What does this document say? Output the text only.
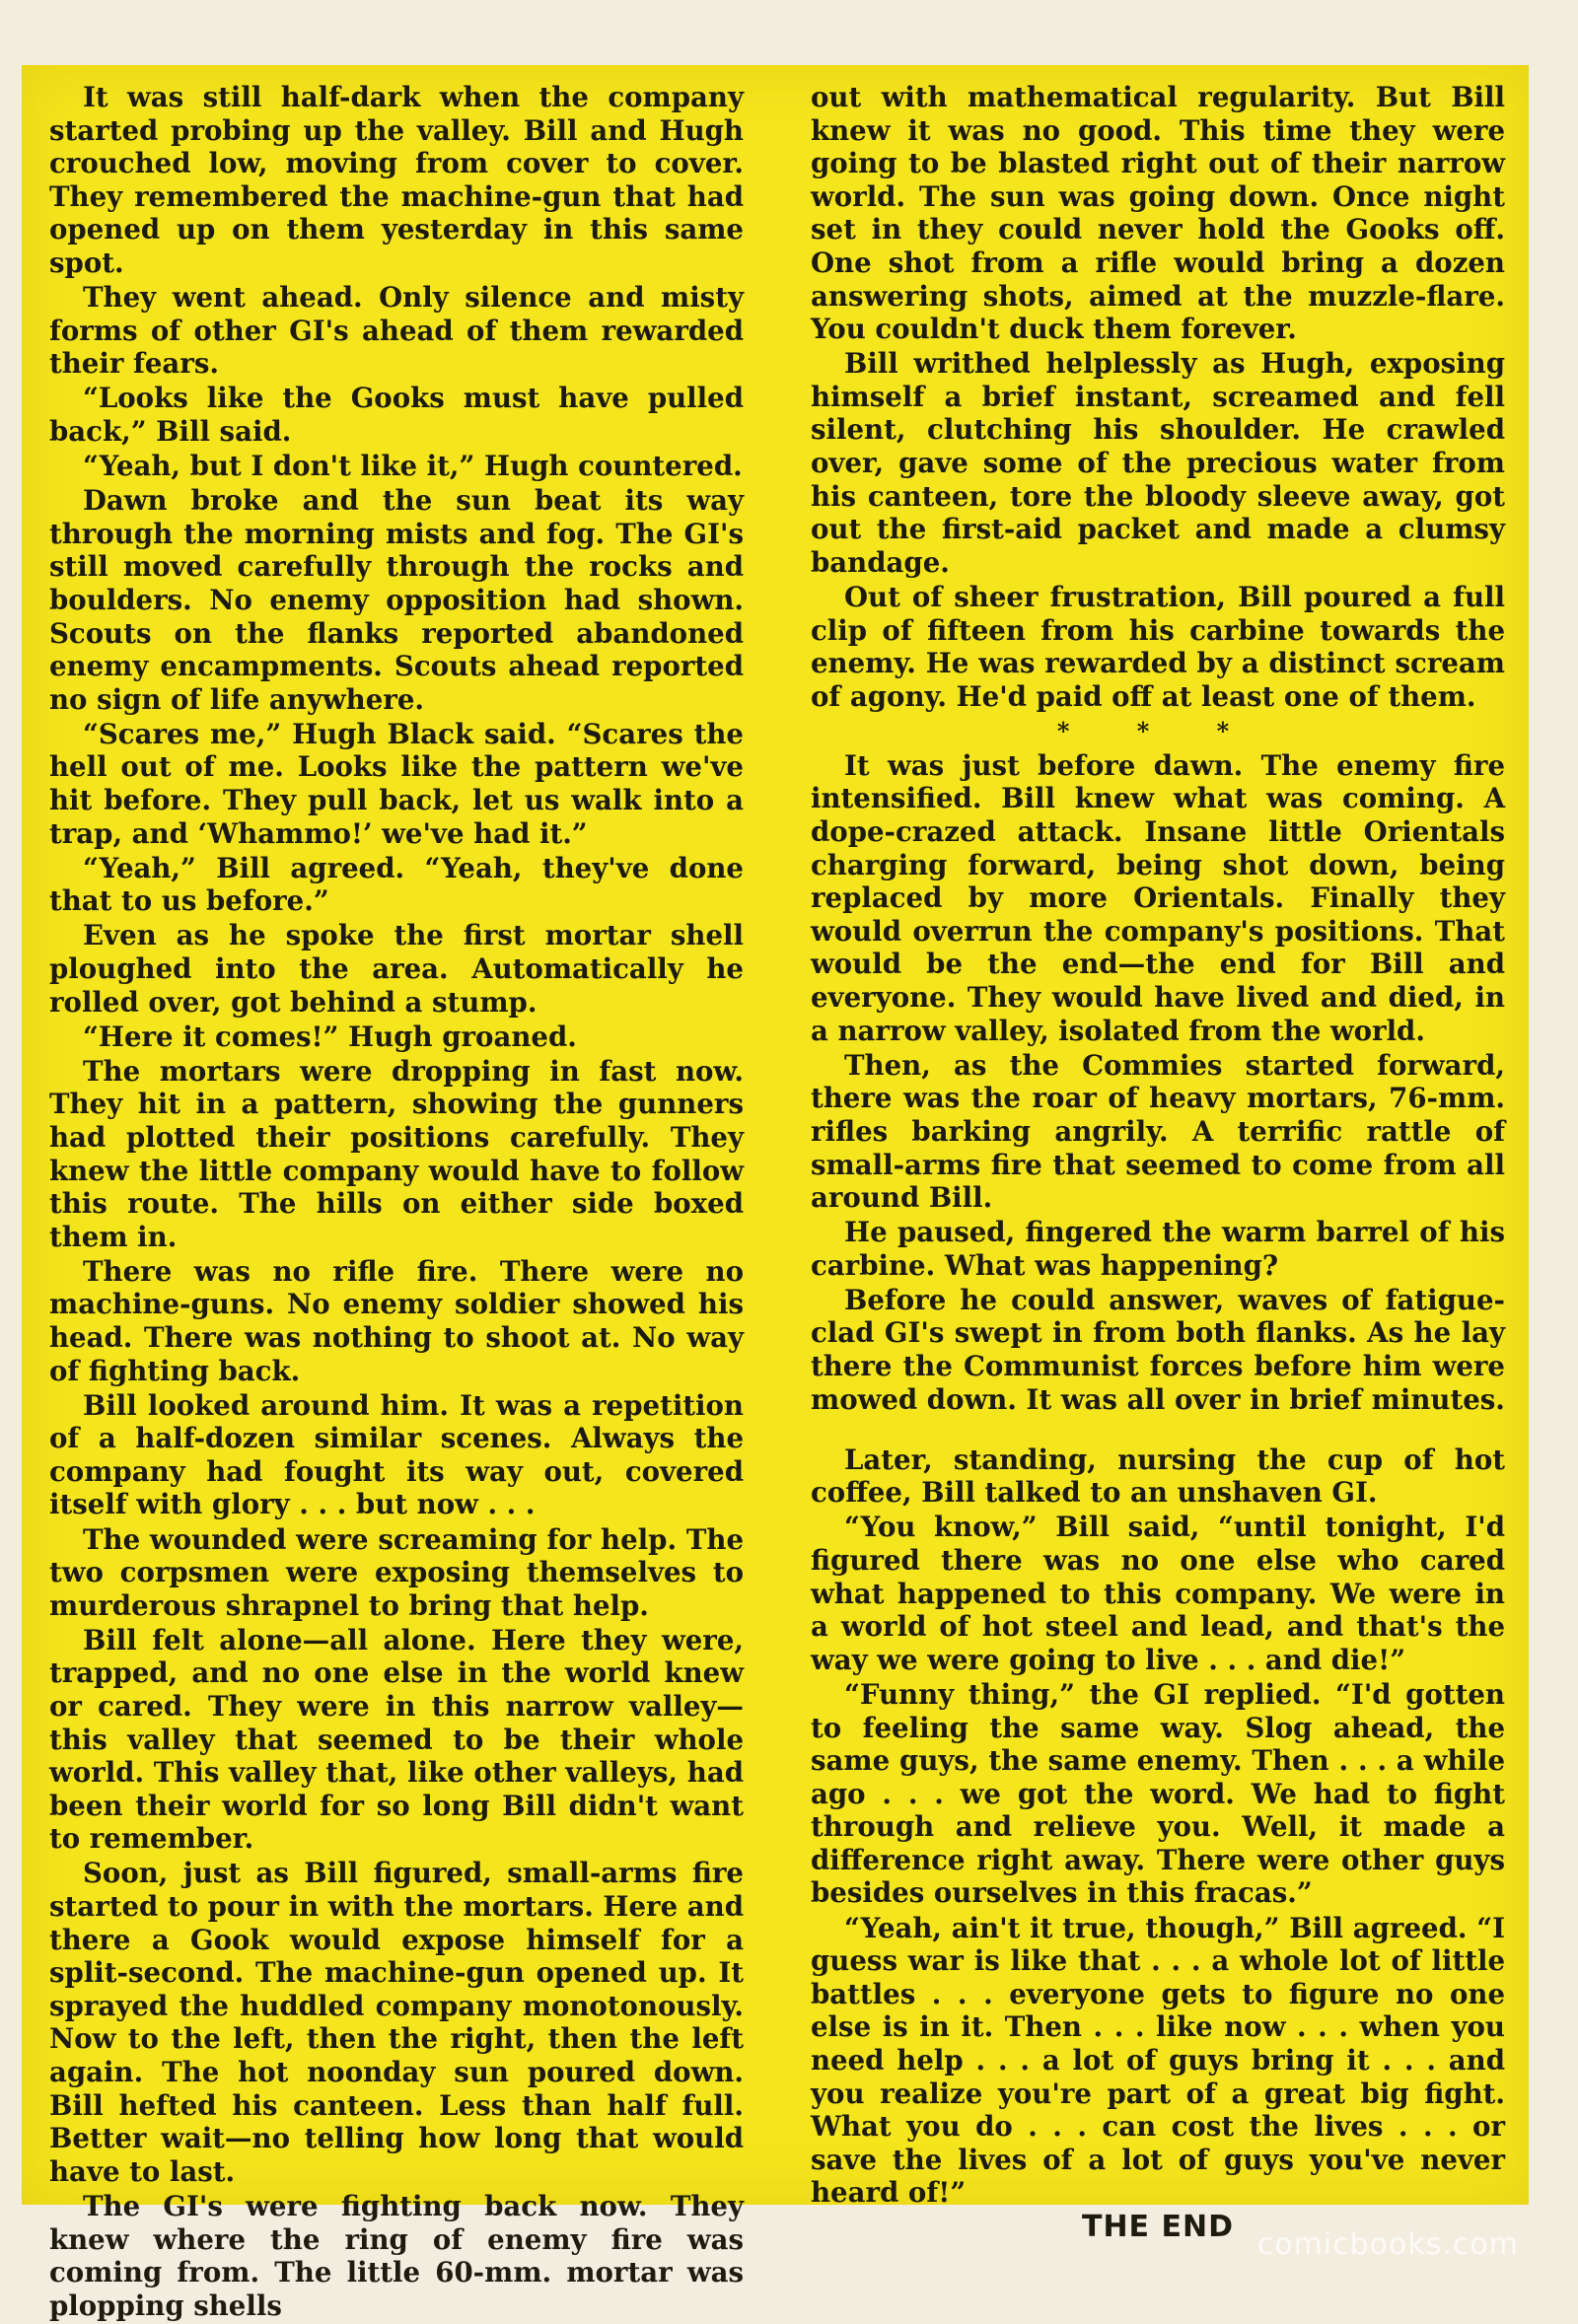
It was still half-dark when the company started probing up the valley. Bill and Hugh crouched low, moving from cover to cover. They remembered the machine-gun that had opened up on them yesterday in this same spot.

They went ahead. Only silence and misty forms of other GI's ahead of them rewarded their fears.

“Looks like the Gooks must have pulled back,” Bill said.

“Yeah, but I don't like it,” Hugh countered.

Dawn broke and the sun beat its way through the morning mists and fog. The GI's still moved carefully through the rocks and boulders. No enemy opposition had shown. Scouts on the flanks reported abandoned enemy encampments. Scouts ahead reported no sign of life anywhere.

“Scares me,” Hugh Black said. “Scares the hell out of me. Looks like the pattern we've hit before. They pull back, let us walk into a trap, and ‘Whammo!’ we've had it.”

“Yeah,” Bill agreed. “Yeah, they've done that to us before.”

Even as he spoke the first mortar shell ploughed into the area. Automatically he rolled over, got behind a stump.

“Here it comes!” Hugh groaned.

The mortars were dropping in fast now. They hit in a pattern, showing the gunners had plotted their positions carefully. They knew the little company would have to follow this route. The hills on either side boxed them in.

There was no rifle fire. There were no machine-guns. No enemy soldier showed his head. There was nothing to shoot at. No way of fighting back.

Bill looked around him. It was a repetition of a half-dozen similar scenes. Always the company had fought its way out, covered itself with glory . . . but now . . .

The wounded were screaming for help. The two corpsmen were exposing themselves to murderous shrapnel to bring that help.

Bill felt alone—all alone. Here they were, trapped, and no one else in the world knew or cared. They were in this narrow valley—this valley that seemed to be their whole world. This valley that, like other valleys, had been their world for so long Bill didn't want to remember.

Soon, just as Bill figured, small-arms fire started to pour in with the mortars. Here and there a Gook would expose himself for a split-second. The machine-gun opened up. It sprayed the huddled company monotonously. Now to the left, then the right, then the left again. The hot noonday sun poured down. Bill hefted his canteen. Less than half full. Better wait—no telling how long that would have to last.

The GI's were fighting back now. They knew where the ring of enemy fire was coming from. The little 60-mm. mortar was plopping shells

out with mathematical regularity. But Bill knew it was no good. This time they were going to be blasted right out of their narrow world. The sun was going down. Once night set in they could never hold the Gooks off. One shot from a rifle would bring a dozen answering shots, aimed at the muzzle-flare. You couldn't duck them forever.

Bill writhed helplessly as Hugh, exposing himself a brief instant, screamed and fell silent, clutching his shoulder. He crawled over, gave some of the precious water from his canteen, tore the bloody sleeve away, got out the first-aid packet and made a clumsy bandage.

Out of sheer frustration, Bill poured a full clip of fifteen from his carbine towards the enemy. He was rewarded by a distinct scream of agony. He'd paid off at least one of them.

* * *

It was just before dawn. The enemy fire intensified. Bill knew what was coming. A dope-crazed attack. Insane little Orientals charging forward, being shot down, being replaced by more Orientals. Finally they would overrun the company's positions. That would be the end—the end for Bill and everyone. They would have lived and died, in a narrow valley, isolated from the world.

Then, as the Commies started forward, there was the roar of heavy mortars, 76-mm. rifles barking angrily. A terrific rattle of small-arms fire that seemed to come from all around Bill.

He paused, fingered the warm barrel of his carbine. What was happening?

Before he could answer, waves of fatigue-clad GI's swept in from both flanks. As he lay there the Communist forces before him were mowed down. It was all over in brief minutes.

Later, standing, nursing the cup of hot coffee, Bill talked to an unshaven GI.

“You know,” Bill said, “until tonight, I'd figured there was no one else who cared what happened to this company. We were in a world of hot steel and lead, and that's the way we were going to live . . . and die!”

“Funny thing,” the GI replied. “I'd gotten to feeling the same way. Slog ahead, the same guys, the same enemy. Then . . . a while ago . . . we got the word. We had to fight through and relieve you. Well, it made a difference right away. There were other guys besides ourselves in this fracas.”

“Yeah, ain't it true, though,” Bill agreed. “I guess war is like that . . . a whole lot of little battles . . . everyone gets to figure no one else is in it. Then . . . like now . . . when you need help . . . a lot of guys bring it . . . and you realize you're part of a great big fight. What you do . . . can cost the lives . . . or save the lives of a lot of guys you've never heard of!”

THE END

comicbooks.com
